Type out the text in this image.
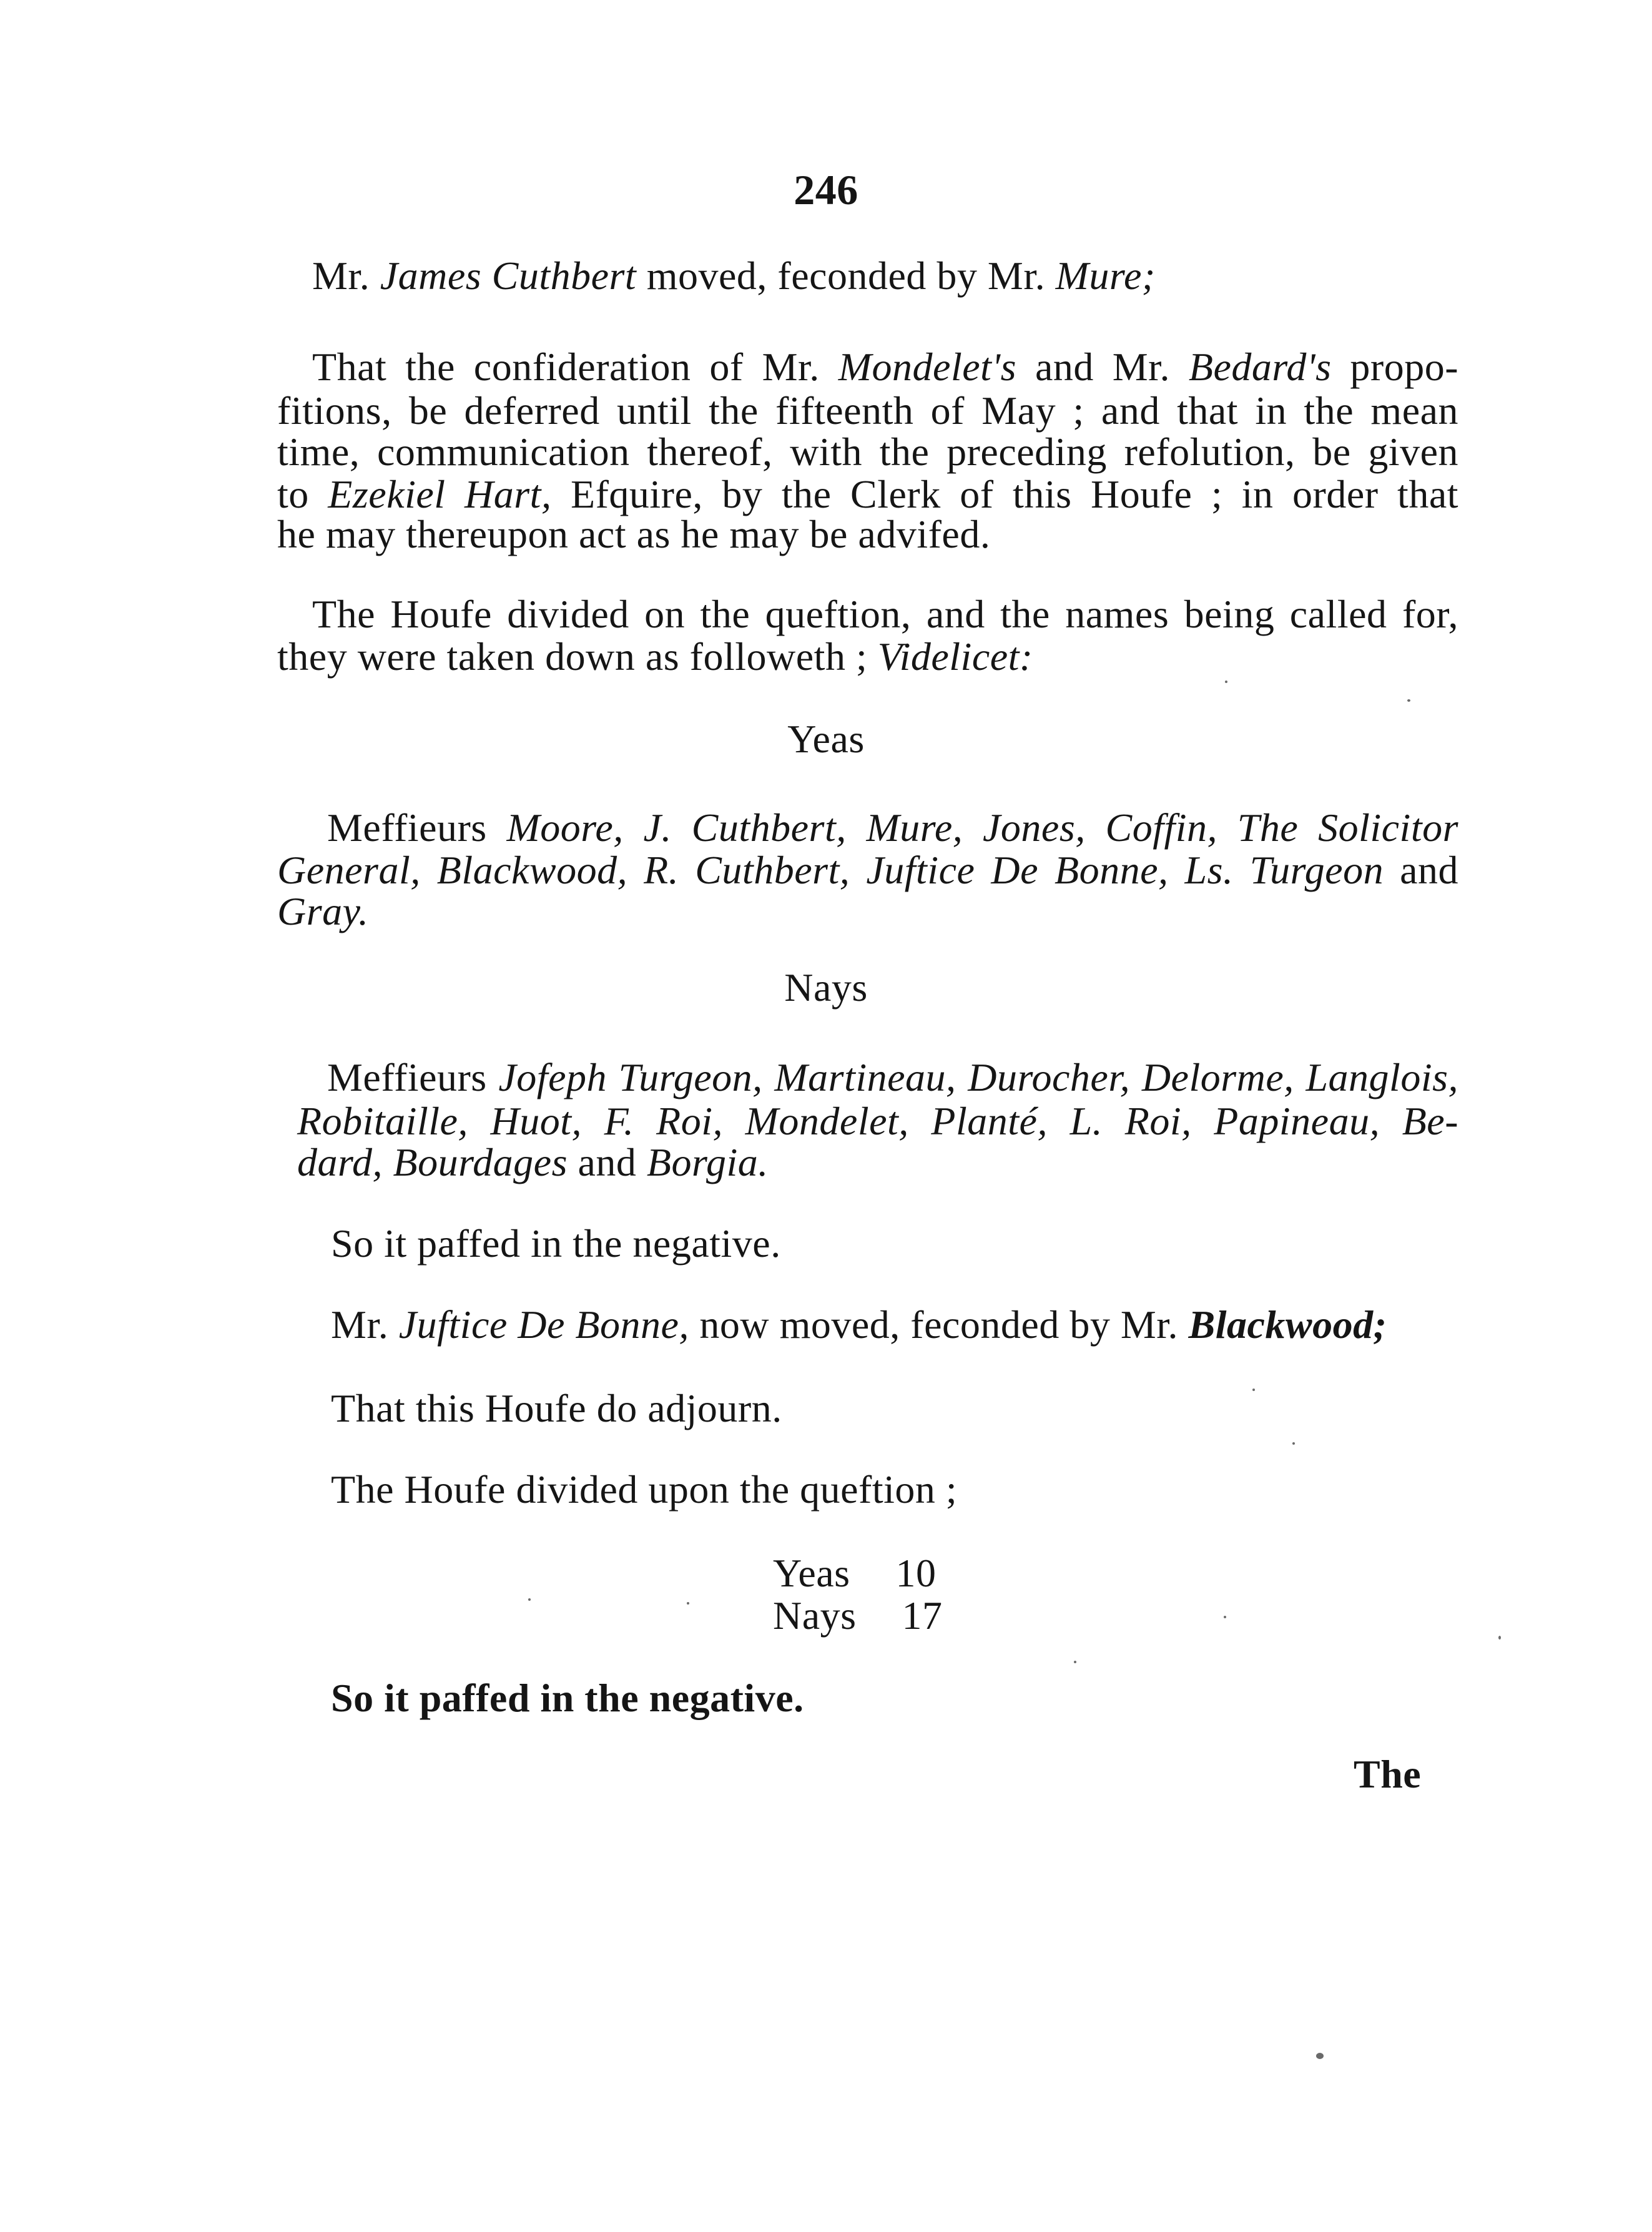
246
Mr. James Cuthbert moved, feconded by Mr. Mure;
That the confideration of Mr. Mondelet's and Mr. Bedard's propo-
fitions, be deferred until the fifteenth of May ; and that in the mean
time, communication thereof, with the preceding refolution, be given
to Ezekiel Hart, Efquire, by the Clerk of this Houfe ; in order that
he may thereupon act as he may be advifed.
The Houfe divided on the queftion, and the names being called for,
they were taken down as followeth ; Videlicet:
Yeas
Meffieurs Moore, J. Cuthbert, Mure, Jones, Coffin, The Solicitor
General, Blackwood, R. Cuthbert, Juftice De Bonne, Ls. Turgeon and
Gray.
Nays
Meffieurs Jofeph Turgeon, Martineau, Durocher, Delorme, Langlois,
Robitaille, Huot, F. Roi, Mondelet, Planté, L. Roi, Papineau, Be-
dard, Bourdages and Borgia.
So it paffed in the negative.
Mr. Juftice De Bonne, now moved, feconded by Mr. Blackwood;
That this Houfe do adjourn.
The Houfe divided upon the queftion ;
Yeas 10
Nays 17
So it paffed in the negative.
The
